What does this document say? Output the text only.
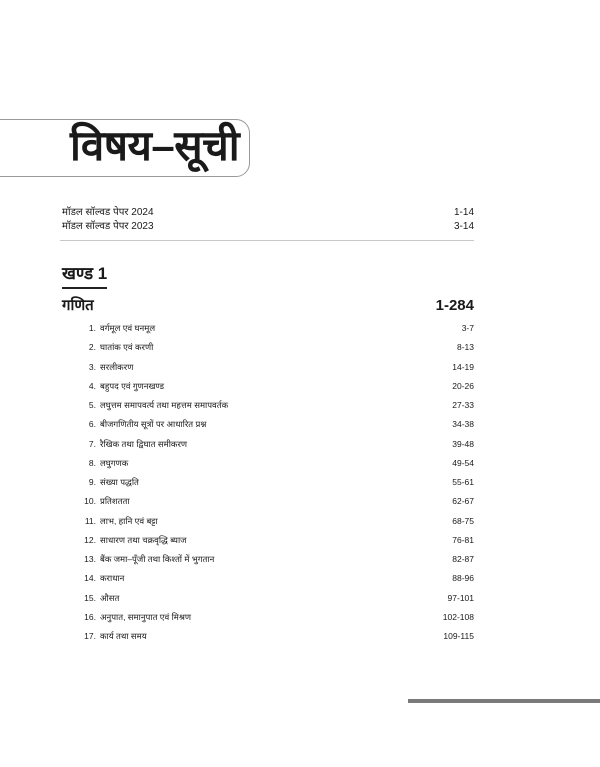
विषय–सूची
मॉडल सॉल्वड पेपर 2024	1-14
मॉडल सॉल्वड पेपर 2023	3-14
खण्ड 1
गणित	1-284
1. वर्गमूल एवं घनमूल	3-7
2. घातांक एवं करणी	8-13
3. सरलीकरण	14-19
4. बहुपद एवं गुणनखण्ड	20-26
5. लघुत्तम समापवर्त्य तथा महत्तम समापवर्तक	27-33
6. बीजगणितीय सूत्रों पर आधारित प्रश्न	34-38
7. रैखिक तथा द्विघात समीकरण	39-48
8. लघुगणक	49-54
9. संख्या पद्धति	55-61
10. प्रतिशतता	62-67
11. लाभ, हानि एवं बट्टा	68-75
12. साधारण तथा चक्रवृद्धि ब्याज	76-81
13. बैंक जमा–पूँजी तथा किश्तों में भुगतान	82-87
14. कराधान	88-96
15. औसत	97-101
16. अनुपात, समानुपात एवं मिश्रण	102-108
17. कार्य तथा समय	109-115
